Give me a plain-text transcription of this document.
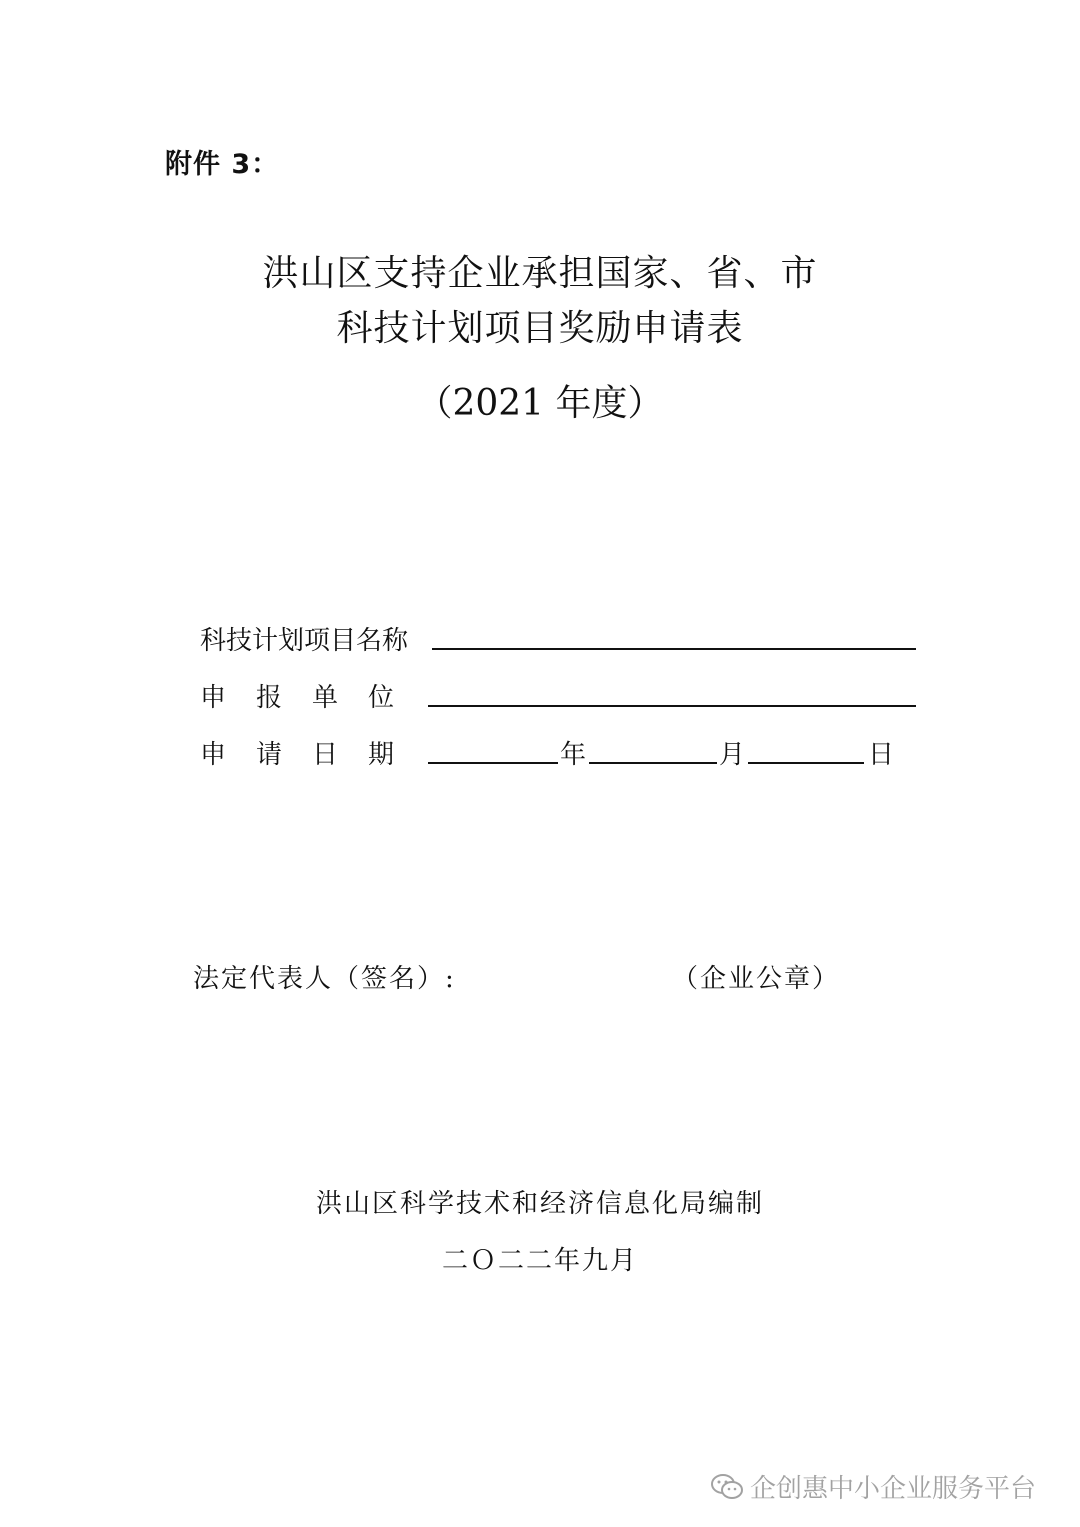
附件 3：
洪山区支持企业承担国家、省、市
科技计划项目奖励申请表
（2021 年度）
科技计划项目名称
申报单位
申请日期	年	月	日
法定代表人（签名）:	（企业公章）
洪山区科学技术和经济信息化局编制
二Ｏ二二年九月
企创惠中小企业服务平台
